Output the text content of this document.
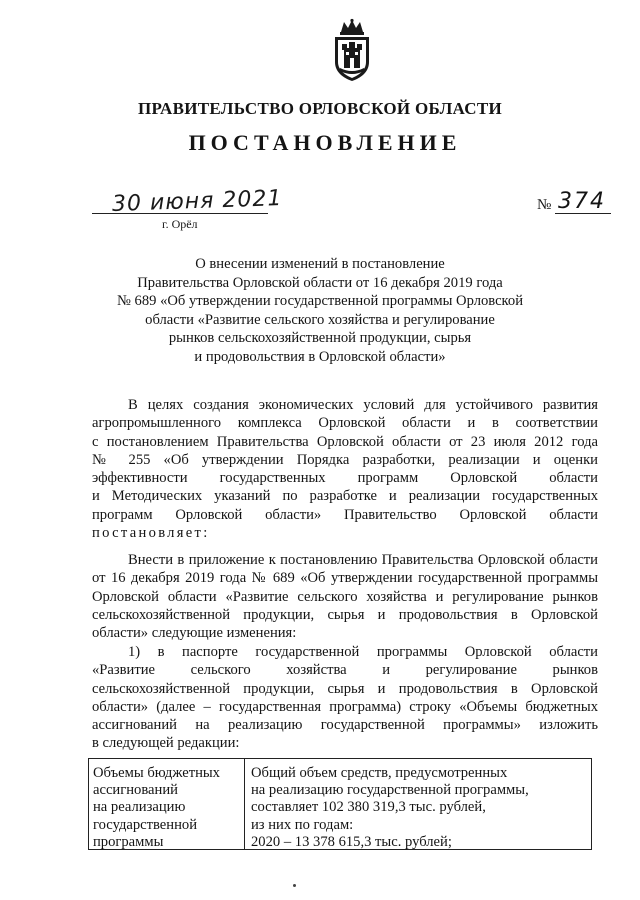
ПРАВИТЕЛЬСТВО ОРЛОВСКОЙ ОБЛАСТИ
ПОСТАНОВЛЕНИЕ
30 июня 2021
г. Орёл
№ 374
О внесении изменений в постановление
Правительства Орловской области от 16 декабря 2019 года
№ 689 «Об утверждении государственной программы Орловской
области «Развитие сельского хозяйства и регулирование
рынков сельскохозяйственной продукции, сырья
и продовольствия в Орловской области»
В целях создания экономических условий для устойчивого развития
агропромышленного комплекса Орловской области и в соответствии
с постановлением Правительства Орловской области от 23 июля 2012 года
№ 255 «Об утверждении Порядка разработки, реализации и оценки
эффективности государственных программ Орловской области
и Методических указаний по разработке и реализации государственных
программ Орловской области» Правительство Орловской области
постановляет:
Внести в приложение к постановлению Правительства Орловской области
от 16 декабря 2019 года № 689 «Об утверждении государственной программы
Орловской области «Развитие сельского хозяйства и регулирование рынков
сельскохозяйственной продукции, сырья и продовольствия в Орловской
области» следующие изменения:
1) в паспорте государственной программы Орловской области
«Развитие сельского хозяйства и регулирование рынков
сельскохозяйственной продукции, сырья и продовольствия в Орловской
области» (далее – государственная программа) строку «Объемы бюджетных
ассигнований на реализацию государственной программы» изложить
в следующей редакции:
Объемы бюджетных
ассигнований
на реализацию
государственной
программы
Общий объем средств, предусмотренных
на реализацию государственной программы,
составляет 102 380 319,3 тыс. рублей,
из них по годам:
2020 – 13 378 615,3 тыс. рублей;
